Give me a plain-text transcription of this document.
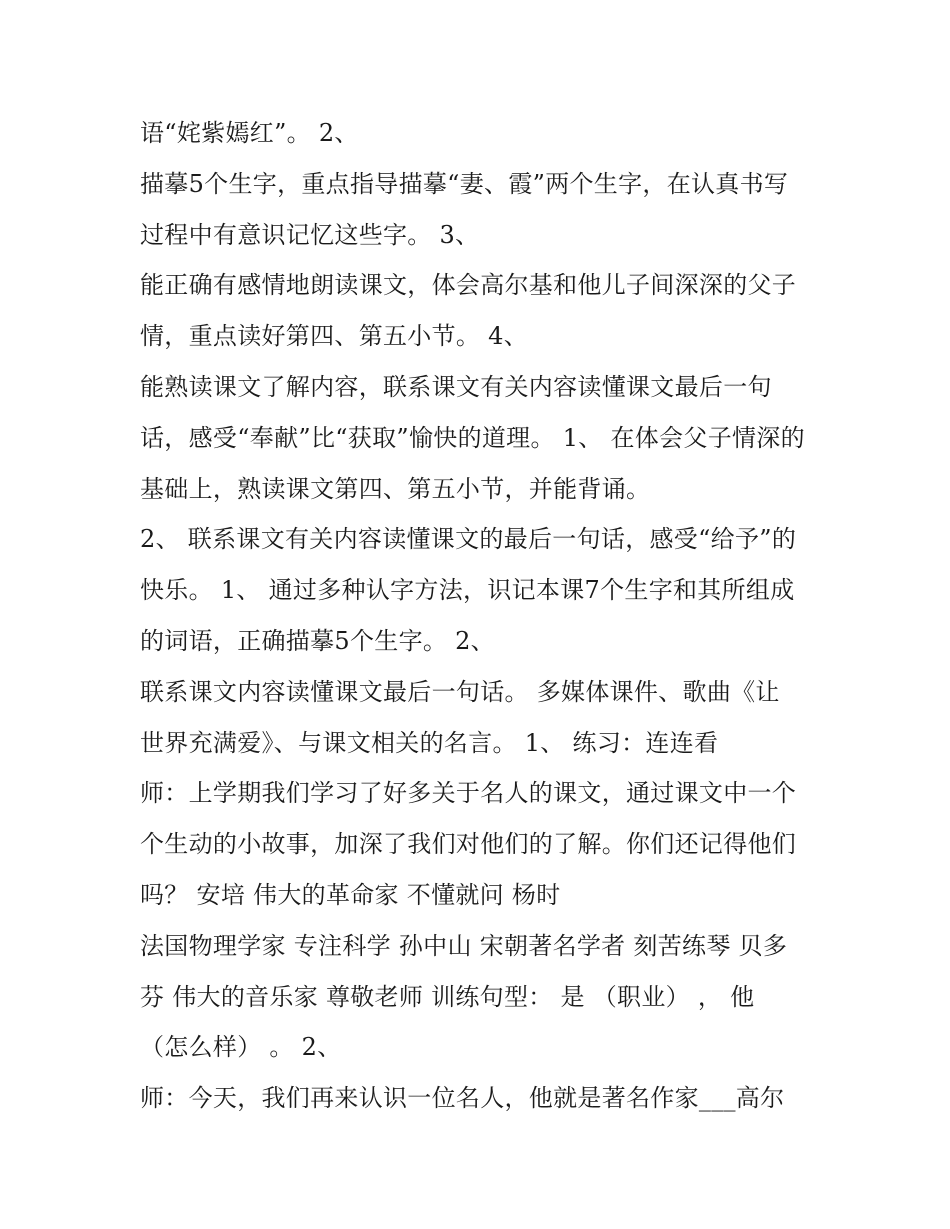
语“姹紫嫣红”。 2、
描摹5个生字，重点指导描摹“妻、霞”两个生字，在认真书写
过程中有意识记忆这些字。 3、
能正确有感情地朗读课文，体会高尔基和他儿子间深深的父子
情，重点读好第四、第五小节。 4、
能熟读课文了解内容，联系课文有关内容读懂课文最后一句
话，感受“奉献”比“获取”愉快的道理。 1、 在体会父子情深的
基础上，熟读课文第四、第五小节，并能背诵。
2、 联系课文有关内容读懂课文的最后一句话，感受“给予”的
快乐。 1、 通过多种认字方法，识记本课7个生字和其所组成
的词语，正确描摹5个生字。 2、
联系课文内容读懂课文最后一句话。 多媒体课件、歌曲《让
世界充满爱》、与课文相关的名言。 1、 练习：连连看
师：上学期我们学习了好多关于名人的课文，通过课文中一个
个生动的小故事，加深了我们对他们的了解。你们还记得他们
吗？ 安培 伟大的革命家 不懂就问 杨时
法国物理学家 专注科学 孙中山 宋朝著名学者 刻苦练琴 贝多
芬 伟大的音乐家 尊敬老师 训练句型： 是 （职业） ， 他
（怎么样） 。 2、
师：今天，我们再来认识一位名人，他就是著名作家___高尔
